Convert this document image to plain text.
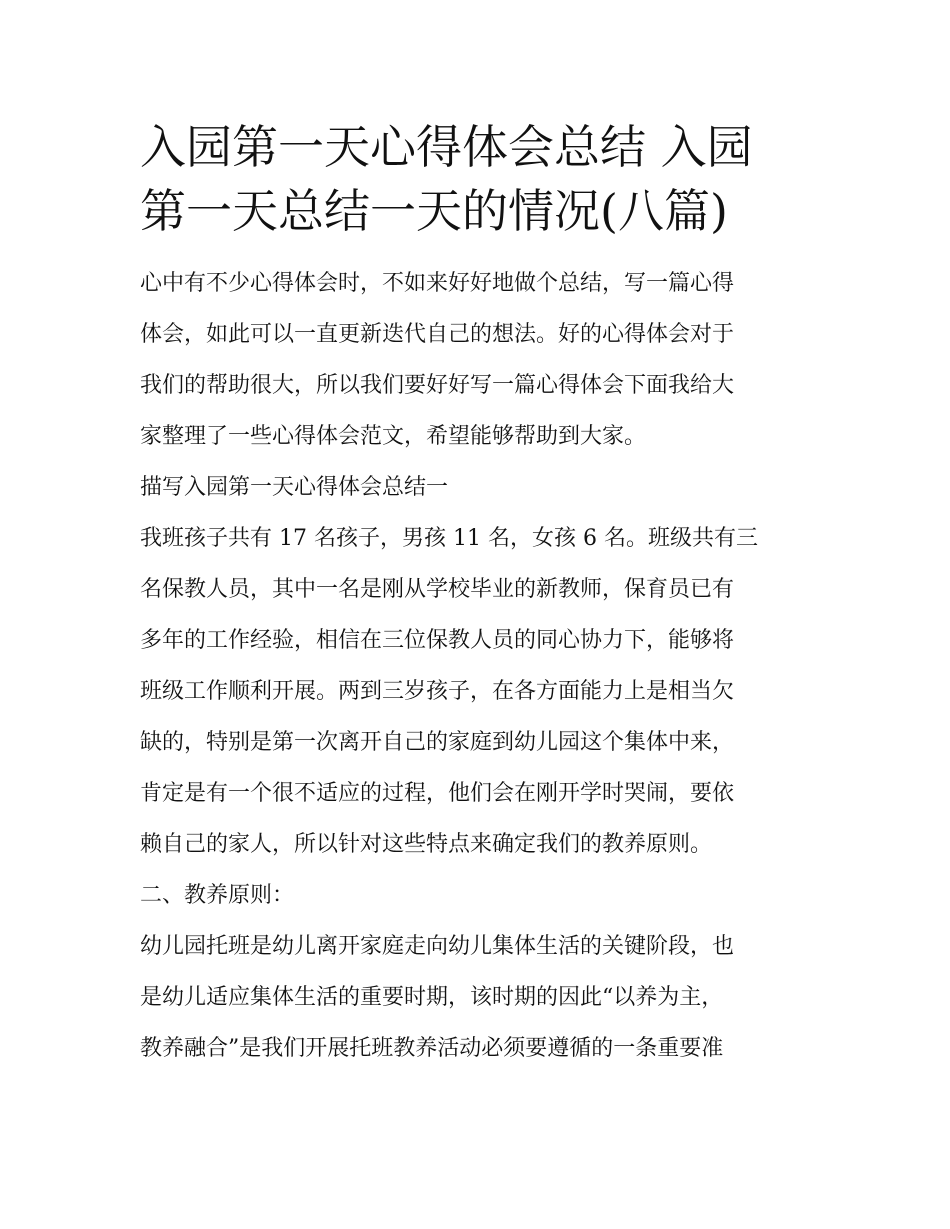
入园第一天心得体会总结 入园
第一天总结一天的情况(八篇)

心中有不少心得体会时，不如来好好地做个总结，写一篇心得
体会，如此可以一直更新迭代自己的想法。好的心得体会对于
我们的帮助很大，所以我们要好好写一篇心得体会下面我给大
家整理了一些心得体会范文，希望能够帮助到大家。

描写入园第一天心得体会总结一

我班孩子共有 17 名孩子，男孩 11 名，女孩 6 名。班级共有三
名保教人员，其中一名是刚从学校毕业的新教师，保育员已有
多年的工作经验，相信在三位保教人员的同心协力下，能够将
班级工作顺利开展。两到三岁孩子，在各方面能力上是相当欠
缺的，特别是第一次离开自己的家庭到幼儿园这个集体中来，
肯定是有一个很不适应的过程，他们会在刚开学时哭闹，要依
赖自己的家人，所以针对这些特点来确定我们的教养原则。

二、教养原则：

幼儿园托班是幼儿离开家庭走向幼儿集体生活的关键阶段，也
是幼儿适应集体生活的重要时期，该时期的因此“以养为主，
教养融合”是我们开展托班教养活动必须要遵循的一条重要准
